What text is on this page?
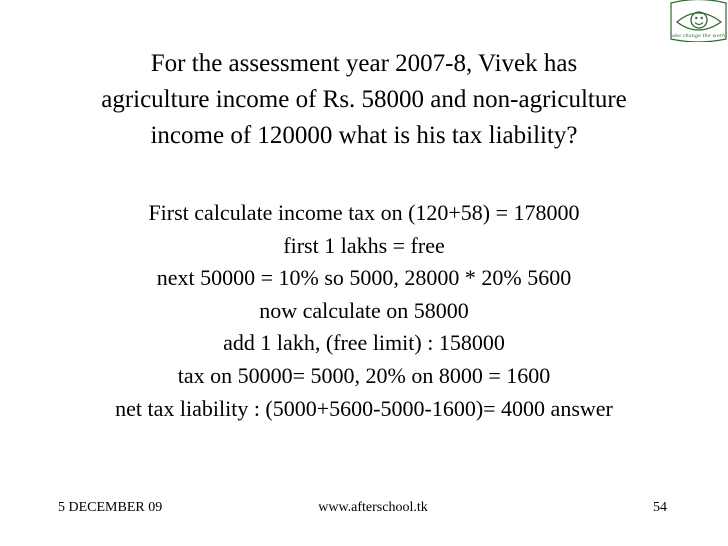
take change the world
For the assessment year 2007-8, Vivek has
agriculture income of Rs. 58000 and non-agriculture
income of 120000 what is his tax liability?
First calculate income tax on (120+58) = 178000
first 1 lakhs = free
next 50000 = 10% so 5000, 28000 * 20% 5600
now calculate on 58000
add 1 lakh, (free limit) : 158000
tax on 50000= 5000, 20% on 8000 = 1600
net tax liability : (5000+5600-5000-1600)= 4000 answer
5 DECEMBER 09	www.afterschool.tk	54
